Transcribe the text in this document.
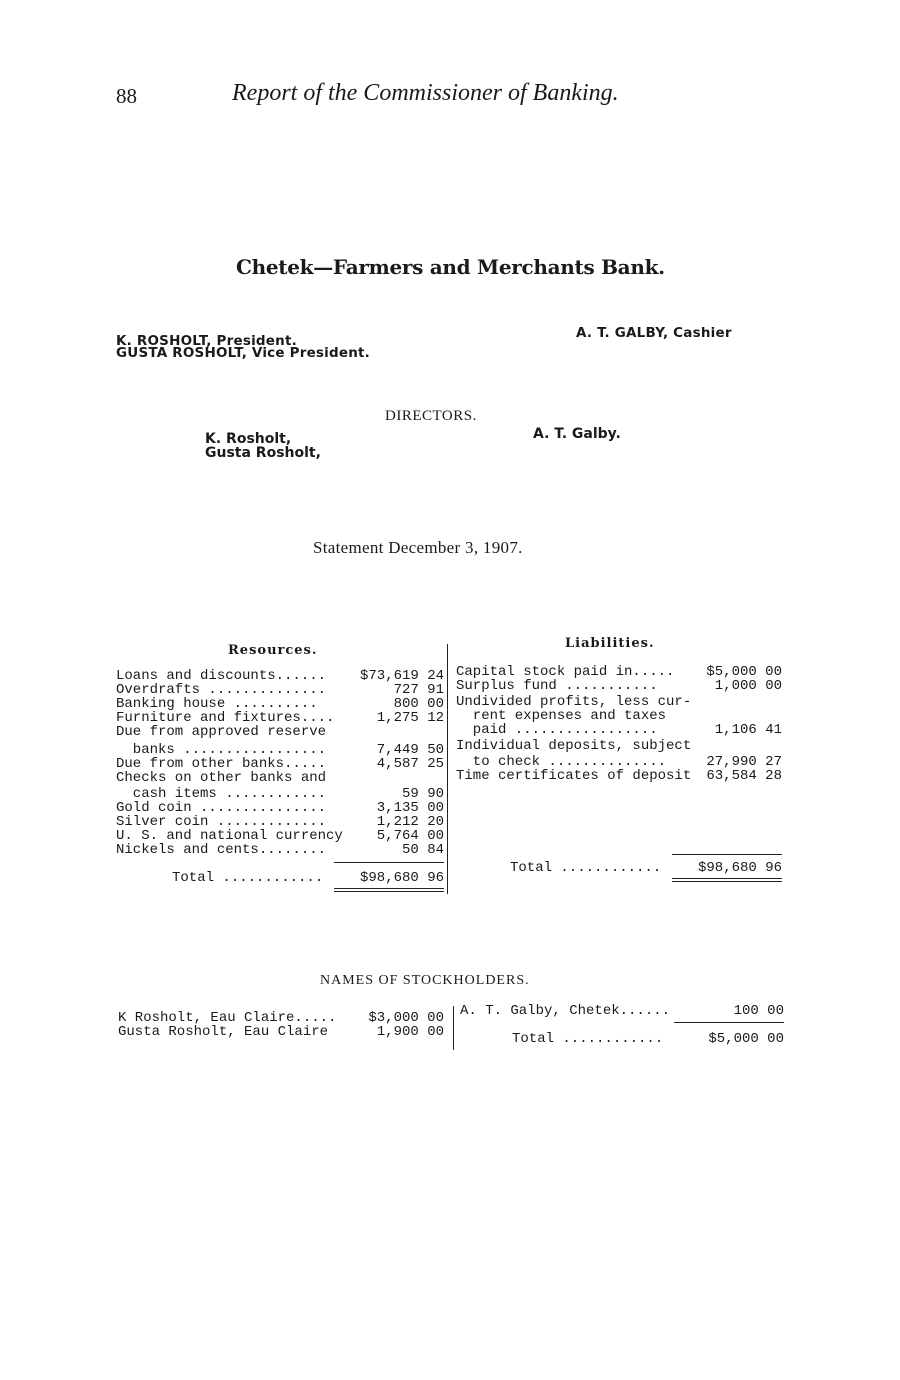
88	Report of the Commissioner of Banking.
Chetek—Farmers and Merchants Bank.
K. ROSHOLT, President.
GUSTA ROSHOLT, Vice President.
A. T. GALBY, Cashier
DIRECTORS.
K. Rosholt,
Gusta Rosholt,
A. T. Galby.
Statement December 3, 1907.
Resources.	Liabilities.
Loans and discounts...... $73,619 24
Overdrafts ..............	727 91
Banking house ..........	800 00
Furniture and fixtures....	1,275 12
Due from approved reserve
banks .................	7,449 50
Due from other banks.....	4,587 25
Checks on other banks and
cash items ............	59 90
Gold coin ...............	3,135 00
Silver coin .............	1,212 20
U. S. and national currency 5,764 00
Nickels and cents........	50 84
Total ............	$98,680 96
Capital stock paid in..... $5,000 00
Surplus fund ...........	1,000 00
Undivided profits, less cur-
rent expenses and taxes
paid .................	1,106 41
Individual deposits, subject
to check ..............	27,990 27
Time certificates of deposit 63,584 28
Total ............	$98,680 96
NAMES OF STOCKHOLDERS.
K Rosholt, Eau Claire..... $3,000 00
Gusta Rosholt, Eau Claire	1,900 00
A. T. Galby, Chetek......	100 00
Total ............	$5,000 00
